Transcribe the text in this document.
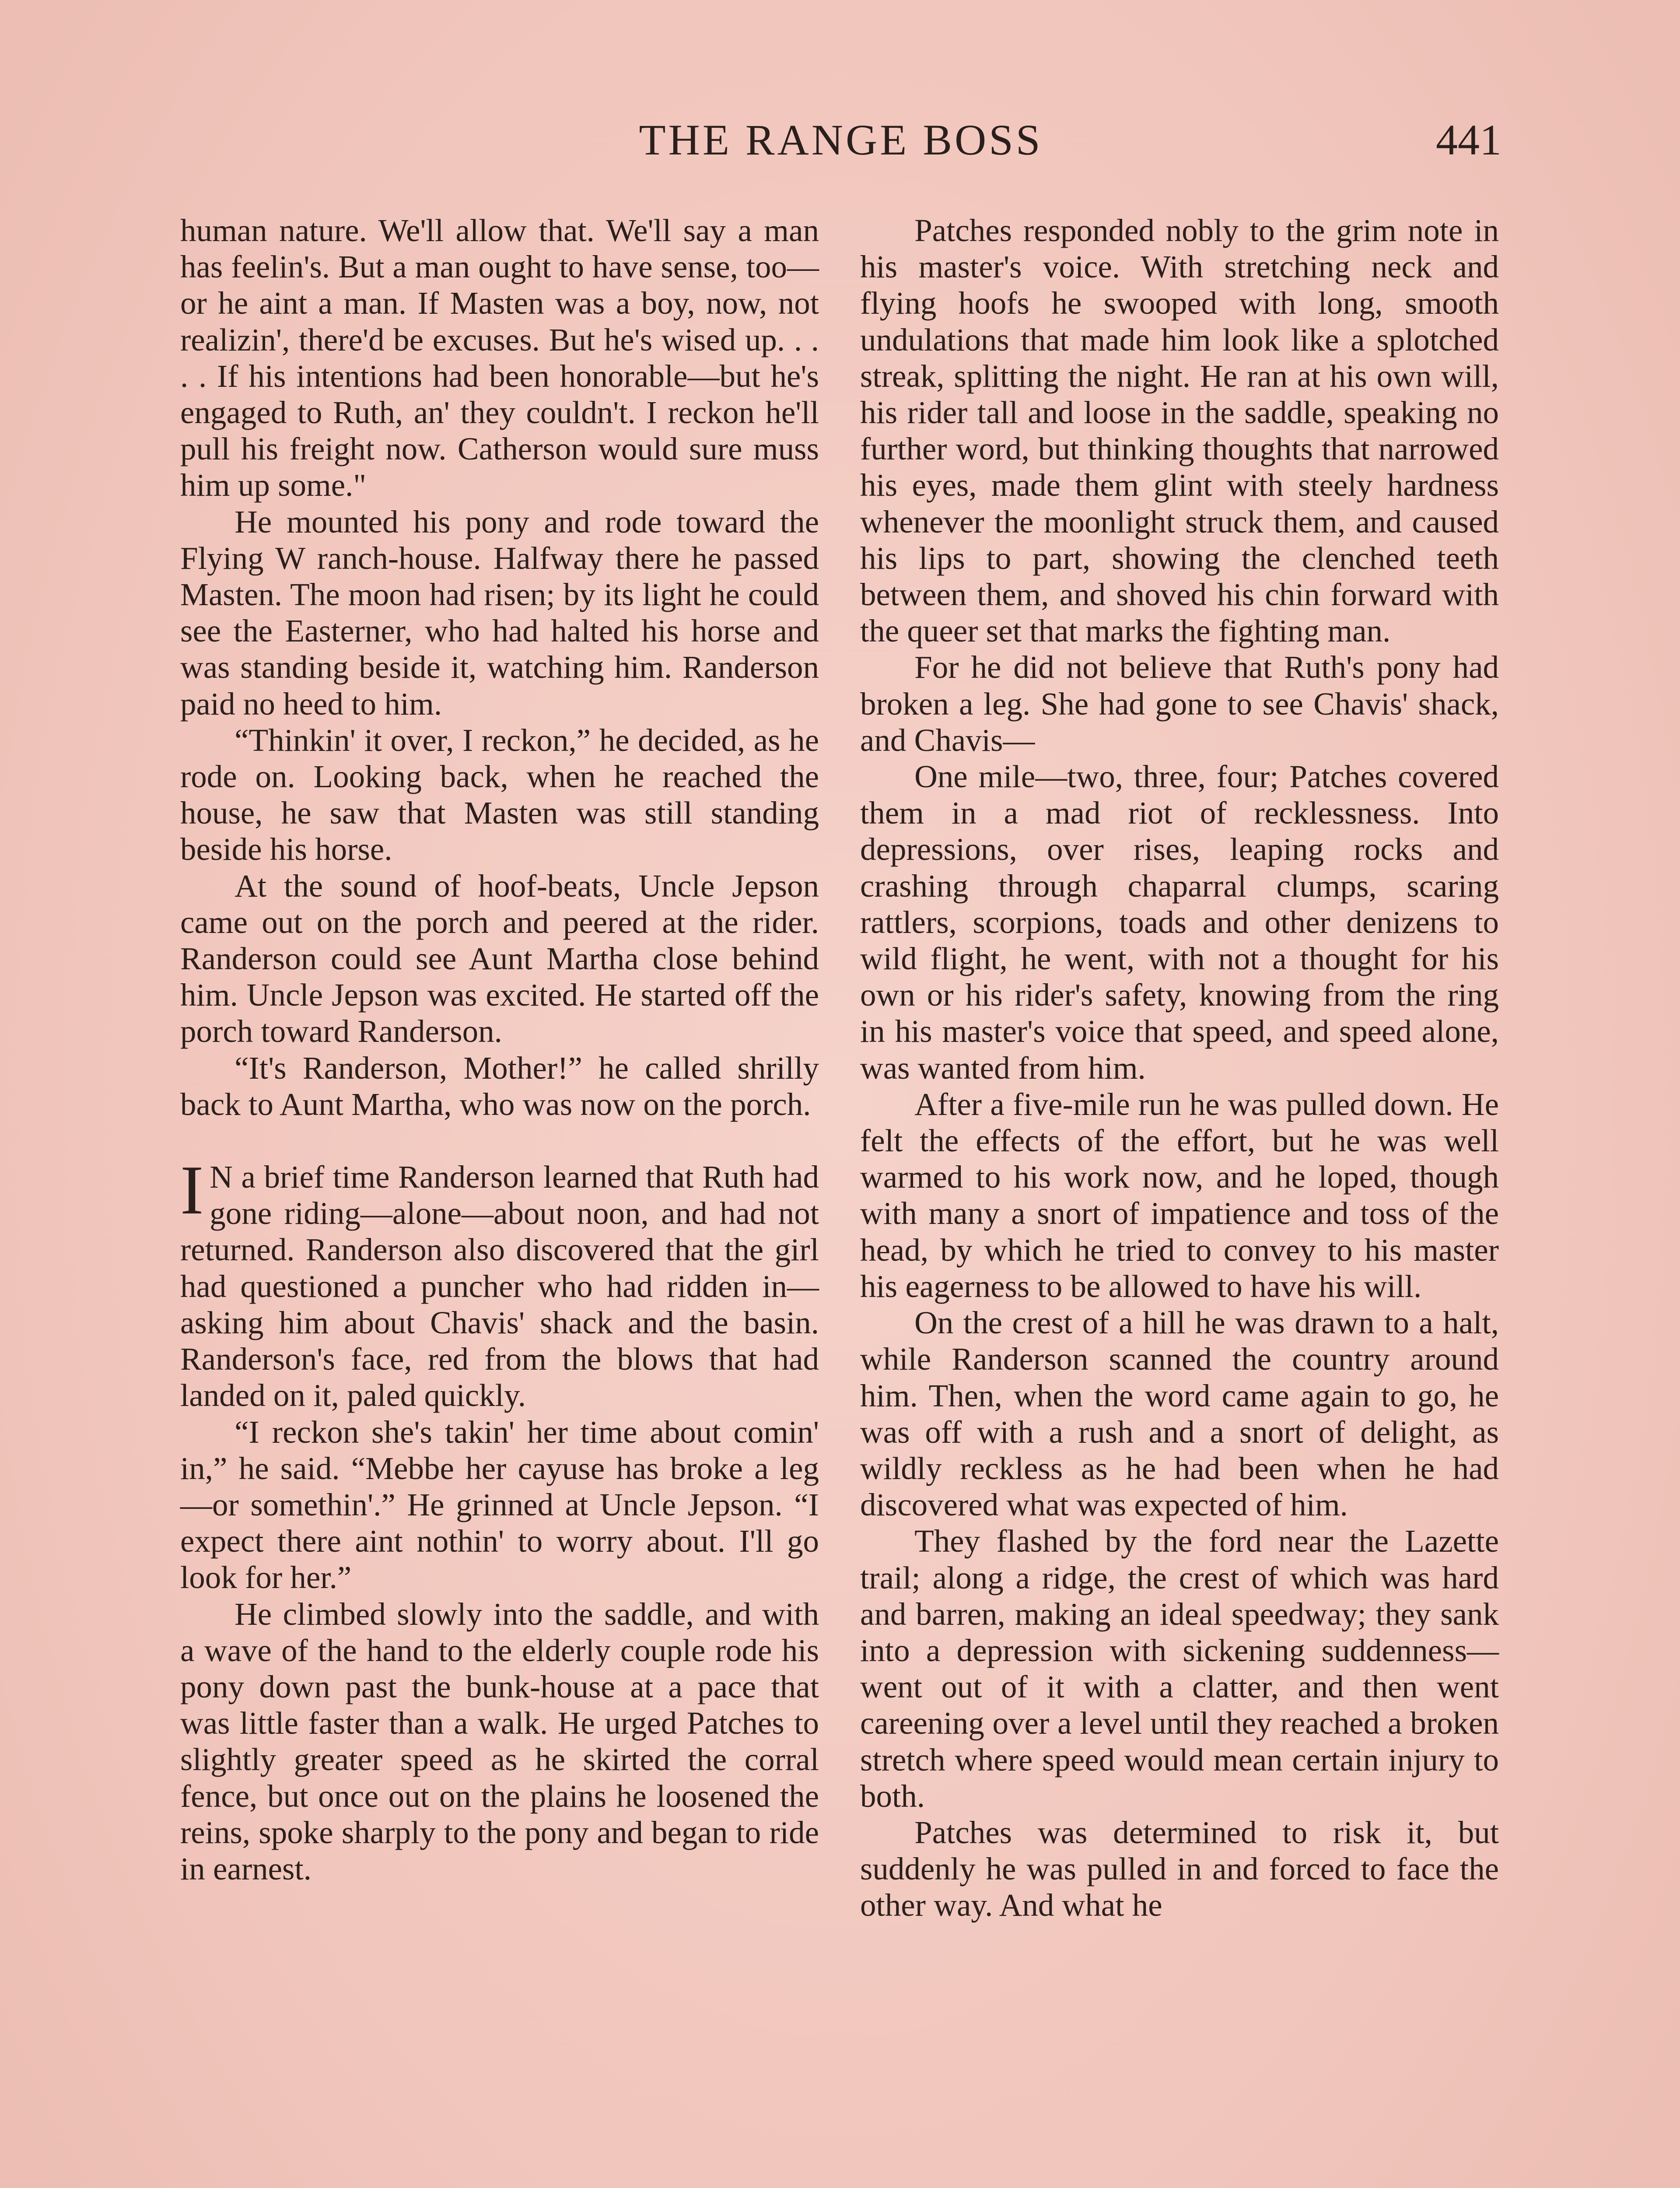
THE RANGE BOSS	441

human nature. We'll allow that. We'll say a man has feelin's. But a man ought to have sense, too—or he aint a man. If Masten was a boy, now, not realizin', there'd be excuses. But he's wised up. . . . . If his intentions had been honorable—but he's engaged to Ruth, an' they couldn't. I reckon he'll pull his freight now. Catherson would sure muss him up some."

He mounted his pony and rode toward the Flying W ranch-house. Halfway there he passed Masten. The moon had risen; by its light he could see the Easterner, who had halted his horse and was standing beside it, watching him. Randerson paid no heed to him.

“Thinkin' it over, I reckon,” he decided, as he rode on. Looking back, when he reached the house, he saw that Masten was still standing beside his horse.

At the sound of hoof-beats, Uncle Jepson came out on the porch and peered at the rider. Randerson could see Aunt Martha close behind him. Uncle Jepson was excited. He started off the porch toward Randerson.

“It's Randerson, Mother!” he called shrilly back to Aunt Martha, who was now on the porch.

I N a brief time Randerson learned that Ruth had gone riding—alone—about noon, and had not returned. Randerson also discovered that the girl had questioned a puncher who had ridden in—asking him about Chavis' shack and the basin. Randerson's face, red from the blows that had landed on it, paled quickly.

“I reckon she's takin' her time about comin' in,” he said. “Mebbe her cayuse has broke a leg—or somethin'.” He grinned at Uncle Jepson. “I expect there aint nothin' to worry about. I'll go look for her.”

He climbed slowly into the saddle, and with a wave of the hand to the elderly couple rode his pony down past the bunk-house at a pace that was little faster than a walk. He urged Patches to slightly greater speed as he skirted the corral fence, but once out on the plains he loosened the reins, spoke sharply to the pony and began to ride in earnest.

Patches responded nobly to the grim note in his master's voice. With stretching neck and flying hoofs he swooped with long, smooth undulations that made him look like a splotched streak, splitting the night. He ran at his own will, his rider tall and loose in the saddle, speaking no further word, but thinking thoughts that narrowed his eyes, made them glint with steely hardness whenever the moonlight struck them, and caused his lips to part, showing the clenched teeth between them, and shoved his chin forward with the queer set that marks the fighting man.

For he did not believe that Ruth's pony had broken a leg. She had gone to see Chavis' shack, and Chavis—

One mile—two, three, four; Patches covered them in a mad riot of recklessness. Into depressions, over rises, leaping rocks and crashing through chaparral clumps, scaring rattlers, scorpions, toads and other denizens to wild flight, he went, with not a thought for his own or his rider's safety, knowing from the ring in his master's voice that speed, and speed alone, was wanted from him.

After a five-mile run he was pulled down. He felt the effects of the effort, but he was well warmed to his work now, and he loped, though with many a snort of impatience and toss of the head, by which he tried to convey to his master his eagerness to be allowed to have his will.

On the crest of a hill he was drawn to a halt, while Randerson scanned the country around him. Then, when the word came again to go, he was off with a rush and a snort of delight, as wildly reckless as he had been when he had discovered what was expected of him.

They flashed by the ford near the Lazette trail; along a ridge, the crest of which was hard and barren, making an ideal speedway; they sank into a depression with sickening suddenness—went out of it with a clatter, and then went careening over a level until they reached a broken stretch where speed would mean certain injury to both.

Patches was determined to risk it, but suddenly he was pulled in and forced to face the other way. And what he
